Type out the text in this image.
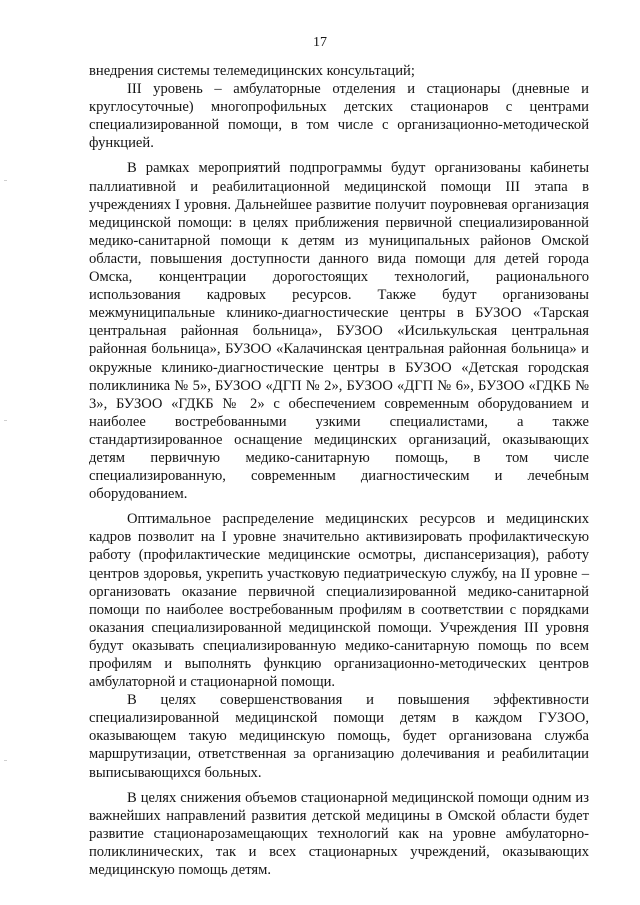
17

внедрения системы телемедицинских консультаций;

III уровень – амбулаторные отделения и стационары (дневные и круглосуточные) многопрофильных детских стационаров с центрами специализированной помощи, в том числе с организационно-методической функцией.

В рамках мероприятий подпрограммы будут организованы кабинеты паллиативной и реабилитационной медицинской помощи III этапа в учреждениях I уровня. Дальнейшее развитие получит поуровневая организация медицинской помощи: в целях приближения первичной специализированной медико-санитарной помощи к детям из муниципальных районов Омской области, повышения доступности данного вида помощи для детей города Омска, концентрации дорогостоящих технологий, рационального использования кадровых ресурсов. Также будут организованы межмуниципальные клинико-диагностические центры в БУЗОО «Тарская центральная районная больница», БУЗОО «Исилькульская центральная районная больница», БУЗОО «Калачинская центральная районная больница» и окружные клинико-диагностические центры в БУЗОО «Детская городская поликлиника № 5», БУЗОО «ДГП № 2», БУЗОО «ДГП № 6», БУЗОО «ГДКБ № 3», БУЗОО «ГДКБ № 2» с обеспечением современным оборудованием и наиболее востребованными узкими специалистами, а также стандартизированное оснащение медицинских организаций, оказывающих детям первичную медико-санитарную помощь, в том числе специализированную, современным диагностическим и лечебным оборудованием.

Оптимальное распределение медицинских ресурсов и медицинских кадров позволит на I уровне значительно активизировать профилактическую работу (профилактические медицинские осмотры, диспансеризация), работу центров здоровья, укрепить участковую педиатрическую службу, на II уровне – организовать оказание первичной специализированной медико-санитарной помощи по наиболее востребованным профилям в соответствии с порядками оказания специализированной медицинской помощи. Учреждения III уровня будут оказывать специализированную медико-санитарную помощь по всем профилям и выполнять функцию организационно-методических центров амбулаторной и стационарной помощи.

В целях совершенствования и повышения эффективности специализированной медицинской помощи детям в каждом ГУЗОО, оказывающем такую медицинскую помощь, будет организована служба маршрутизации, ответственная за организацию долечивания и реабилитации выписывающихся больных.

В целях снижения объемов стационарной медицинской помощи одним из важнейших направлений развития детской медицины в Омской области будет развитие стационарозамещающих технологий как на уровне амбулаторно-поликлинических, так и всех стационарных учреждений, оказывающих медицинскую помощь детям.
